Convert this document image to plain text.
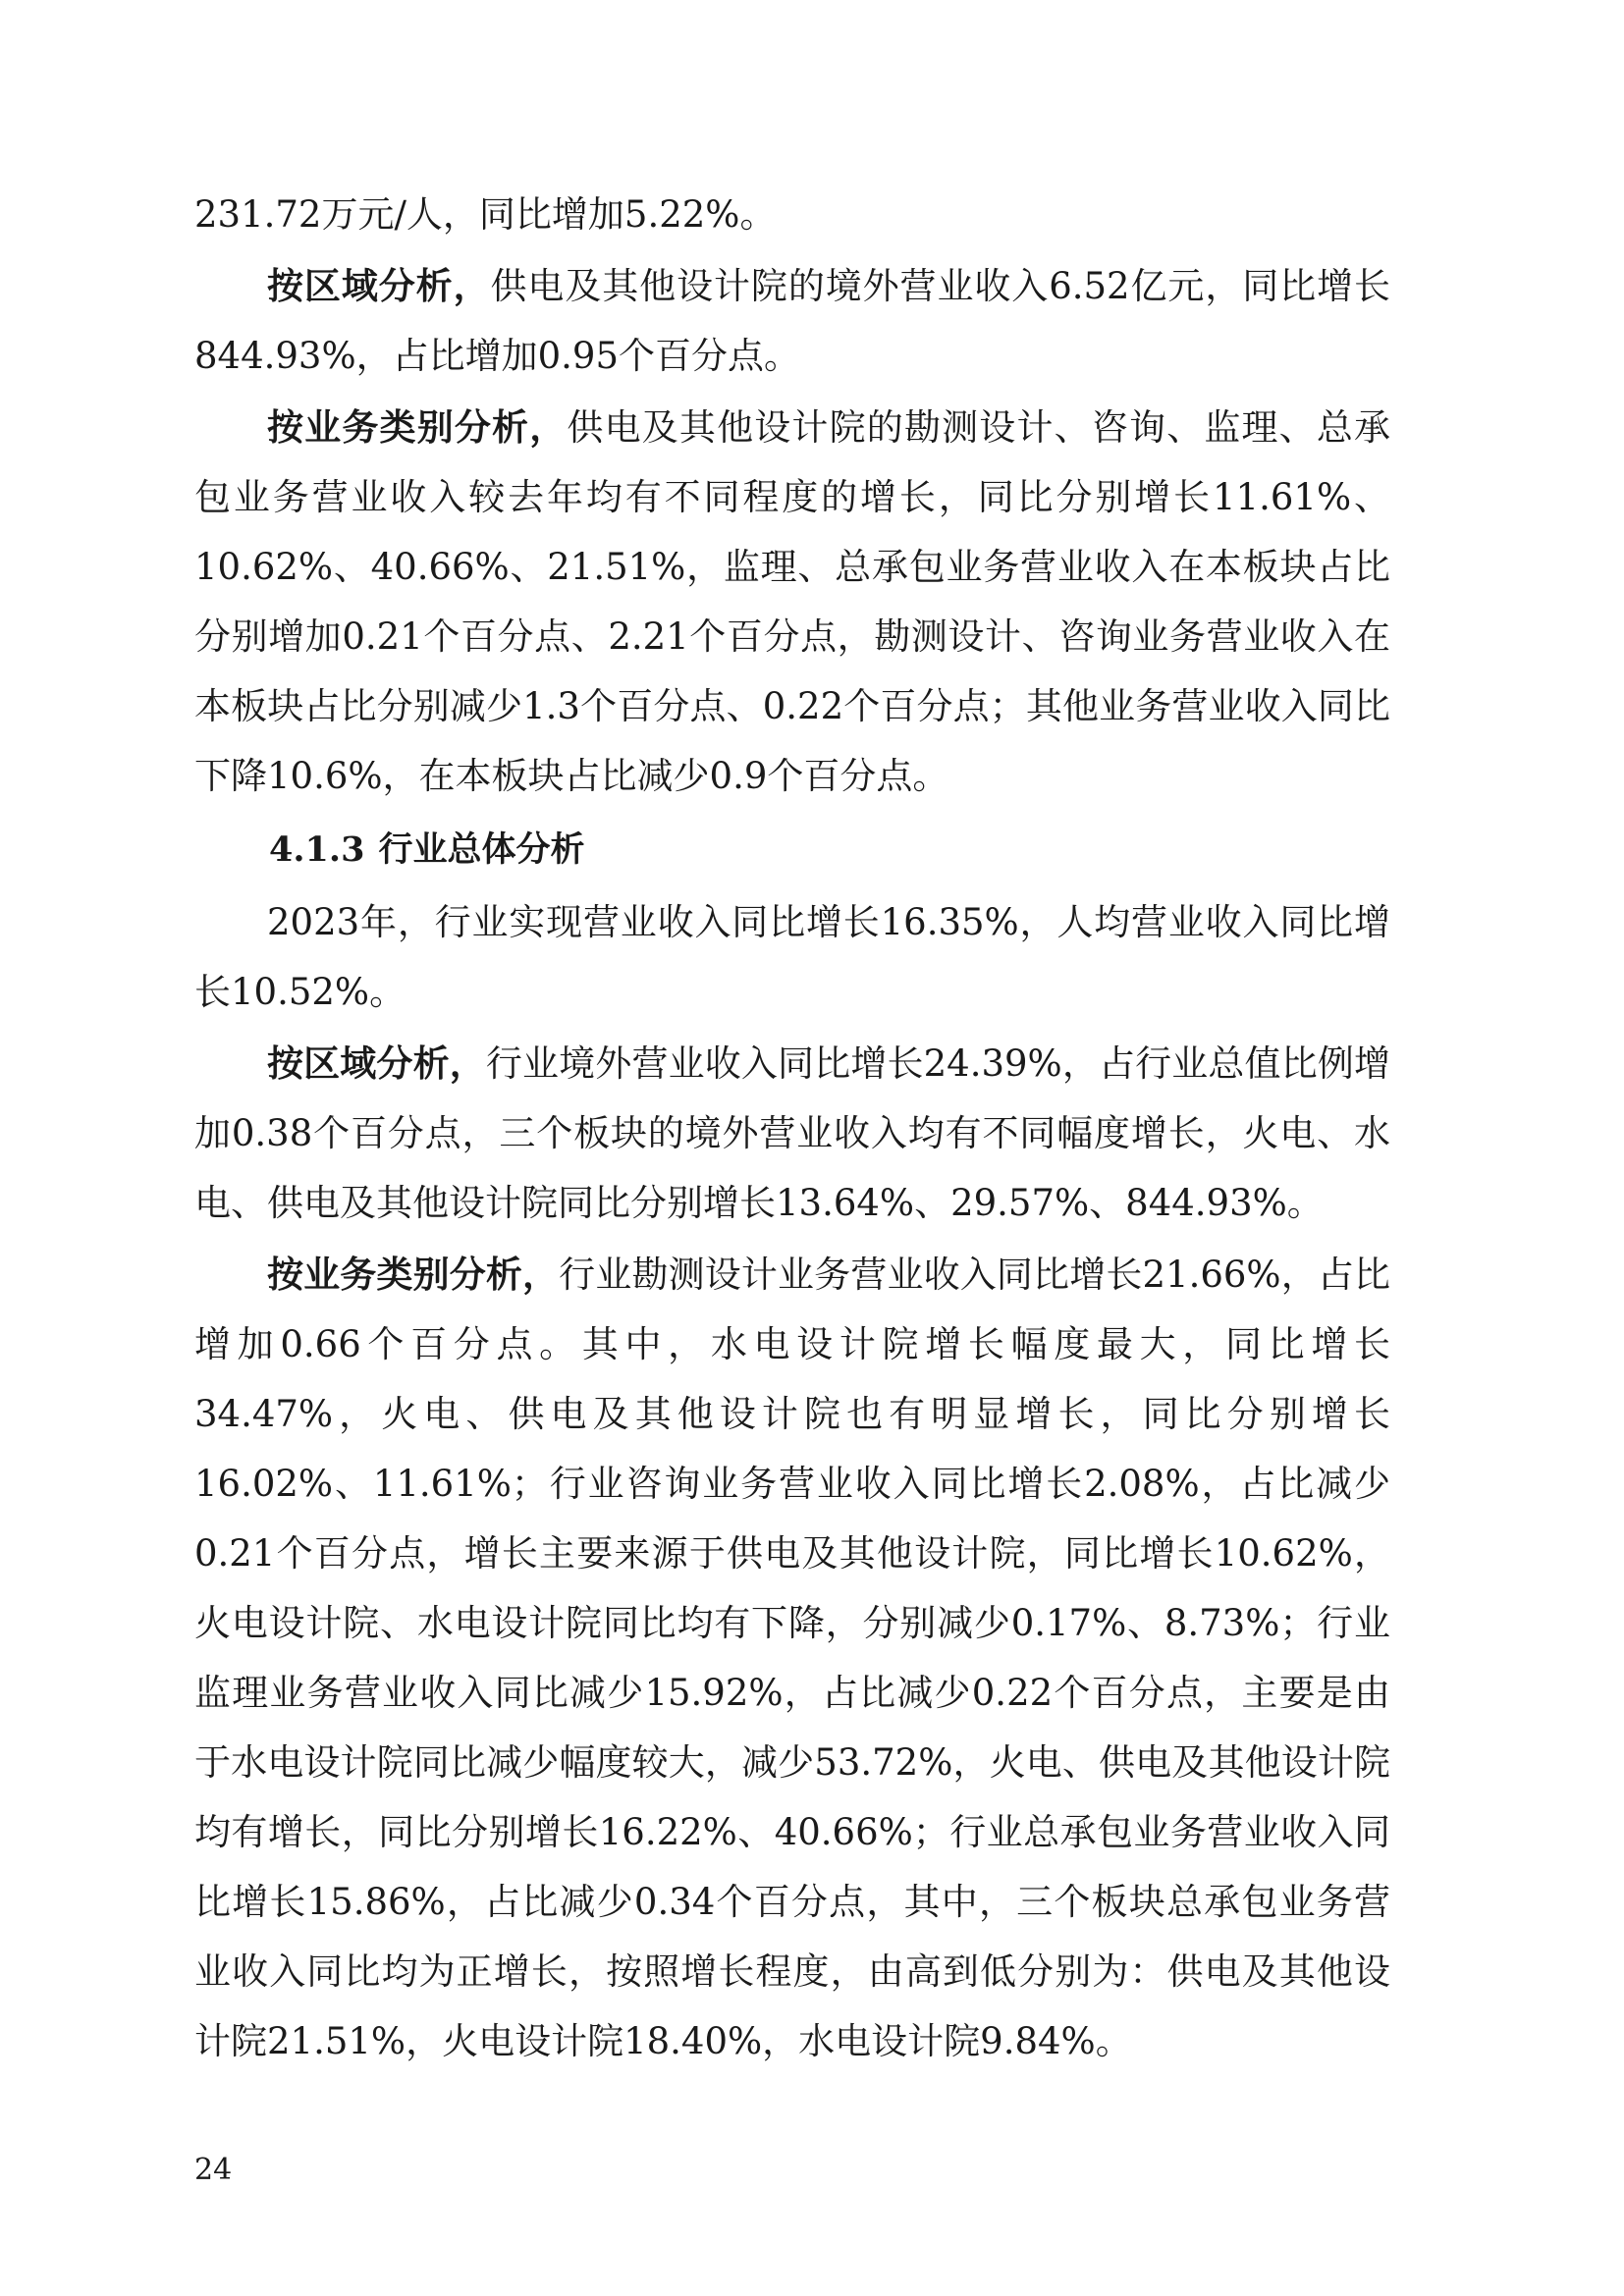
231.72万元/人，同比增加5.22%。

按区域分析，供电及其他设计院的境外营业收入6.52亿元，同比增长844.93%，占比增加0.95个百分点。

按业务类别分析，供电及其他设计院的勘测设计、咨询、监理、总承包业务营业收入较去年均有不同程度的增长，同比分别增长11.61%、10.62%、40.66%、21.51%，监理、总承包业务营业收入在本板块占比分别增加0.21个百分点、2.21个百分点，勘测设计、咨询业务营业收入在本板块占比分别减少1.3个百分点、0.22个百分点；其他业务营业收入同比下降10.6%，在本板块占比减少0.9个百分点。

4.1.3 行业总体分析

2023年，行业实现营业收入同比增长16.35%，人均营业收入同比增长10.52%。

按区域分析，行业境外营业收入同比增长24.39%，占行业总值比例增加0.38个百分点，三个板块的境外营业收入均有不同幅度增长，火电、水电、供电及其他设计院同比分别增长13.64%、29.57%、844.93%。

按业务类别分析，行业勘测设计业务营业收入同比增长21.66%，占比增加0.66个百分点。其中，水电设计院增长幅度最大，同比增长34.47%，火电、供电及其他设计院也有明显增长，同比分别增长16.02%、11.61%；行业咨询业务营业收入同比增长2.08%，占比减少0.21个百分点，增长主要来源于供电及其他设计院，同比增长10.62%，火电设计院、水电设计院同比均有下降，分别减少0.17%、8.73%；行业监理业务营业收入同比减少15.92%，占比减少0.22个百分点，主要是由于水电设计院同比减少幅度较大，减少53.72%，火电、供电及其他设计院均有增长，同比分别增长16.22%、40.66%；行业总承包业务营业收入同比增长15.86%，占比减少0.34个百分点，其中，三个板块总承包业务营业收入同比均为正增长，按照增长程度，由高到低分别为：供电及其他设计院21.51%，火电设计院18.40%，水电设计院9.84%。

24
